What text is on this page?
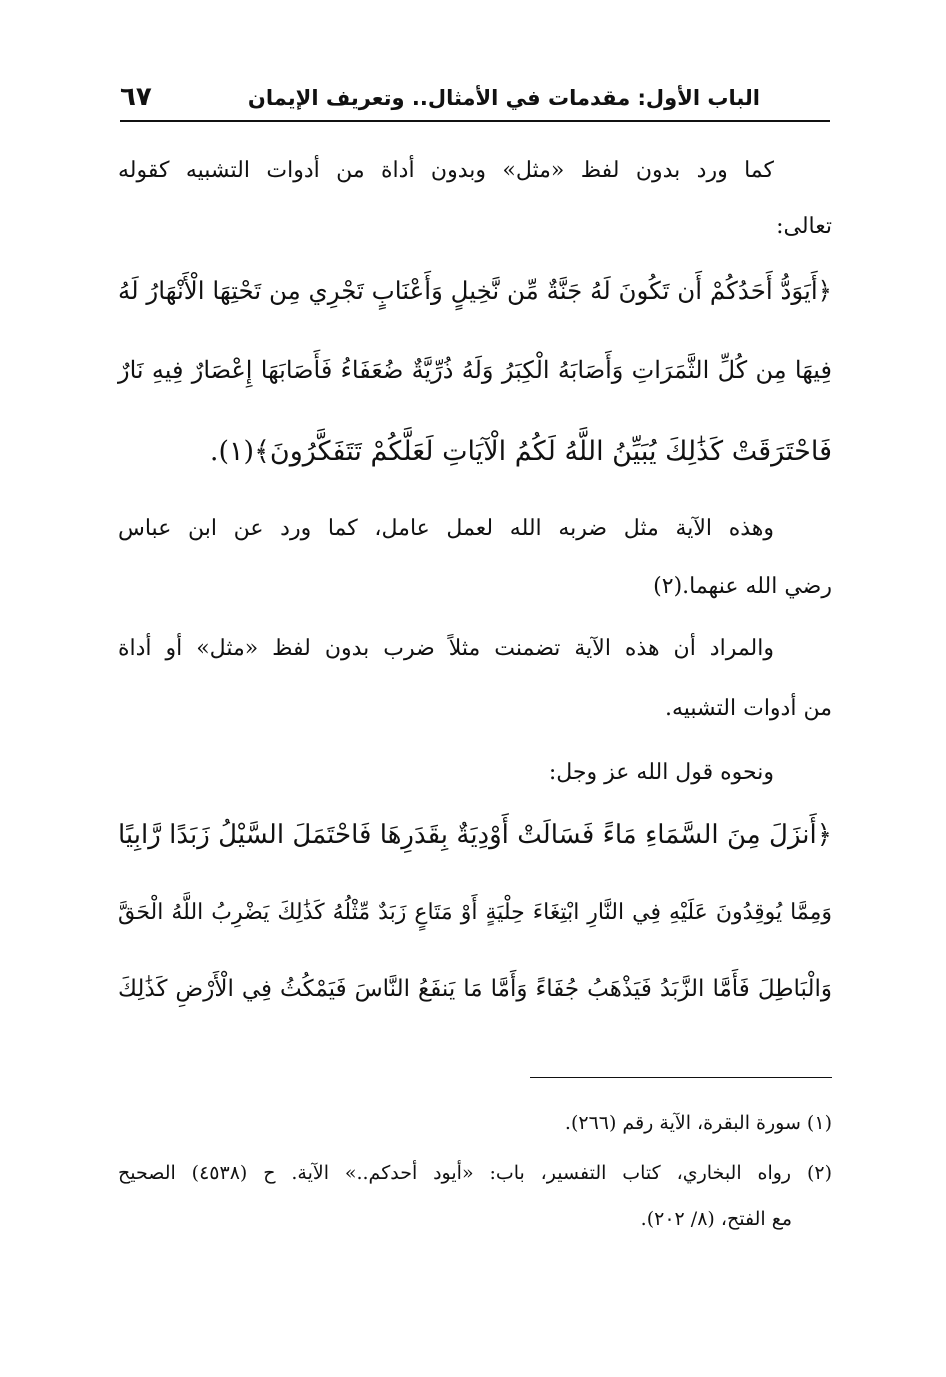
الباب الأول: مقدمات في الأمثال.. وتعريف الإيمان
٦٧
كما ورد بدون لفظ «مثل» وبدون أداة من أدوات التشبيه كقوله
تعالى:
﴿أَيَوَدُّ أَحَدُكُمْ أَن تَكُونَ لَهُ جَنَّةٌ مِّن نَّخِيلٍ وَأَعْنَابٍ تَجْرِي مِن تَحْتِهَا الْأَنْهَارُ لَهُ
فِيهَا مِن كُلِّ الثَّمَرَاتِ وَأَصَابَهُ الْكِبَرُ وَلَهُ ذُرِّيَّةٌ ضُعَفَاءُ فَأَصَابَهَا إِعْصَارٌ فِيهِ نَارٌ
فَاحْتَرَقَتْ كَذَٰلِكَ يُبَيِّنُ اللَّهُ لَكُمُ الْآيَاتِ لَعَلَّكُمْ تَتَفَكَّرُونَ﴾(١).
وهذه الآية مثل ضربه الله لعمل عامل، كما ورد عن ابن عباس
رضي الله عنهما.(٢)
والمراد أن هذه الآية تضمنت مثلاً ضرب بدون لفظ «مثل» أو أداة
من أدوات التشبيه.
ونحوه قول الله عز وجل:
﴿أَنزَلَ مِنَ السَّمَاءِ مَاءً فَسَالَتْ أَوْدِيَةٌ بِقَدَرِهَا فَاحْتَمَلَ السَّيْلُ زَبَدًا رَّابِيًا
وَمِمَّا يُوقِدُونَ عَلَيْهِ فِي النَّارِ ابْتِغَاءَ حِلْيَةٍ أَوْ مَتَاعٍ زَبَدٌ مِّثْلُهُ كَذَٰلِكَ يَضْرِبُ اللَّهُ الْحَقَّ
وَالْبَاطِلَ فَأَمَّا الزَّبَدُ فَيَذْهَبُ جُفَاءً وَأَمَّا مَا يَنفَعُ النَّاسَ فَيَمْكُثُ فِي الْأَرْضِ كَذَٰلِكَ
(١) سورة البقرة، الآية رقم (٢٦٦).
(٢) رواه البخاري، كتاب التفسير، باب: «أيود أحدكم..» الآية. ح (٤٥٣٨) الصحيح
مع الفتح، (٨/ ٢٠٢).
